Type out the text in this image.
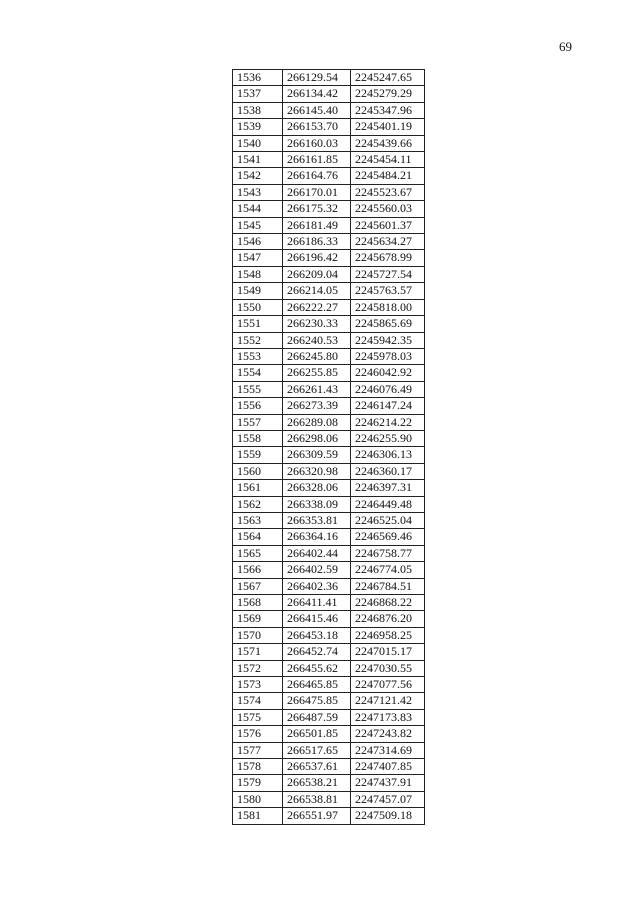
69
1536	266129.54	2245247.65
1537	266134.42	2245279.29
1538	266145.40	2245347.96
1539	266153.70	2245401.19
1540	266160.03	2245439.66
1541	266161.85	2245454.11
1542	266164.76	2245484.21
1543	266170.01	2245523.67
1544	266175.32	2245560.03
1545	266181.49	2245601.37
1546	266186.33	2245634.27
1547	266196.42	2245678.99
1548	266209.04	2245727.54
1549	266214.05	2245763.57
1550	266222.27	2245818.00
1551	266230.33	2245865.69
1552	266240.53	2245942.35
1553	266245.80	2245978.03
1554	266255.85	2246042.92
1555	266261.43	2246076.49
1556	266273.39	2246147.24
1557	266289.08	2246214.22
1558	266298.06	2246255.90
1559	266309.59	2246306.13
1560	266320.98	2246360.17
1561	266328.06	2246397.31
1562	266338.09	2246449.48
1563	266353.81	2246525.04
1564	266364.16	2246569.46
1565	266402.44	2246758.77
1566	266402.59	2246774.05
1567	266402.36	2246784.51
1568	266411.41	2246868.22
1569	266415.46	2246876.20
1570	266453.18	2246958.25
1571	266452.74	2247015.17
1572	266455.62	2247030.55
1573	266465.85	2247077.56
1574	266475.85	2247121.42
1575	266487.59	2247173.83
1576	266501.85	2247243.82
1577	266517.65	2247314.69
1578	266537.61	2247407.85
1579	266538.21	2247437.91
1580	266538.81	2247457.07
1581	266551.97	2247509.18
